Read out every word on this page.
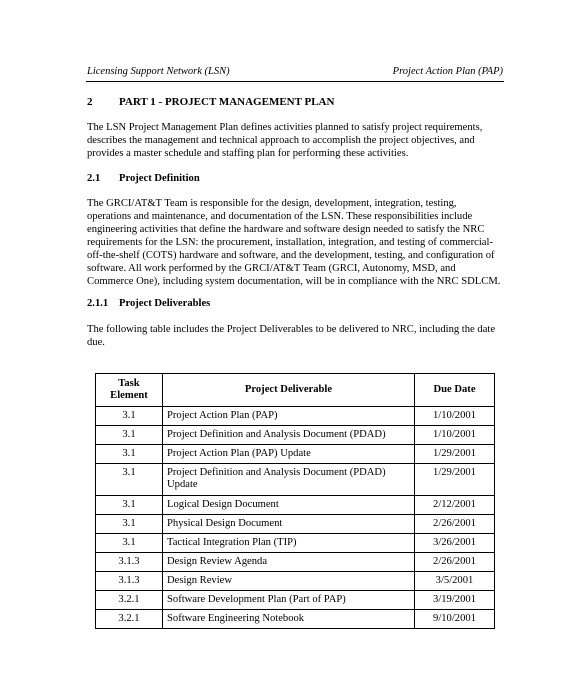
Licensing Support Network (LSN)	Project Action Plan (PAP)
2 PART 1 - PROJECT MANAGEMENT PLAN
The LSN Project Management Plan defines activities planned to satisfy project requirements,
describes the management and technical approach to accomplish the project objectives, and
provides a master schedule and staffing plan for performing these activities.
2.1 Project Definition
The GRCI/AT&T Team is responsible for the design, development, integration, testing,
operations and maintenance, and documentation of the LSN. These responsibilities include
engineering activities that define the hardware and software design needed to satisfy the NRC
requirements for the LSN: the procurement, installation, integration, and testing of commercial-
off-the-shelf (COTS) hardware and software, and the development, testing, and configuration of
software. All work performed by the GRCI/AT&T Team (GRCI, Autonomy, MSD, and
Commerce One), including system documentation, will be in compliance with the NRC SDLCM.
2.1.1 Project Deliverables
The following table includes the Project Deliverables to be delivered to NRC, including the date
due.
Task Element	Project Deliverable	Due Date
3.1	Project Action Plan (PAP)	1/10/2001
3.1	Project Definition and Analysis Document (PDAD)	1/10/2001
3.1	Project Action Plan (PAP) Update	1/29/2001
3.1	Project Definition and Analysis Document (PDAD) Update	1/29/2001
3.1	Logical Design Document	2/12/2001
3.1	Physical Design Document	2/26/2001
3.1	Tactical Integration Plan (TIP)	3/26/2001
3.1.3	Design Review Agenda	2/26/2001
3.1.3	Design Review	3/5/2001
3.2.1	Software Development Plan (Part of PAP)	3/19/2001
3.2.1	Software Engineering Notebook	9/10/2001
